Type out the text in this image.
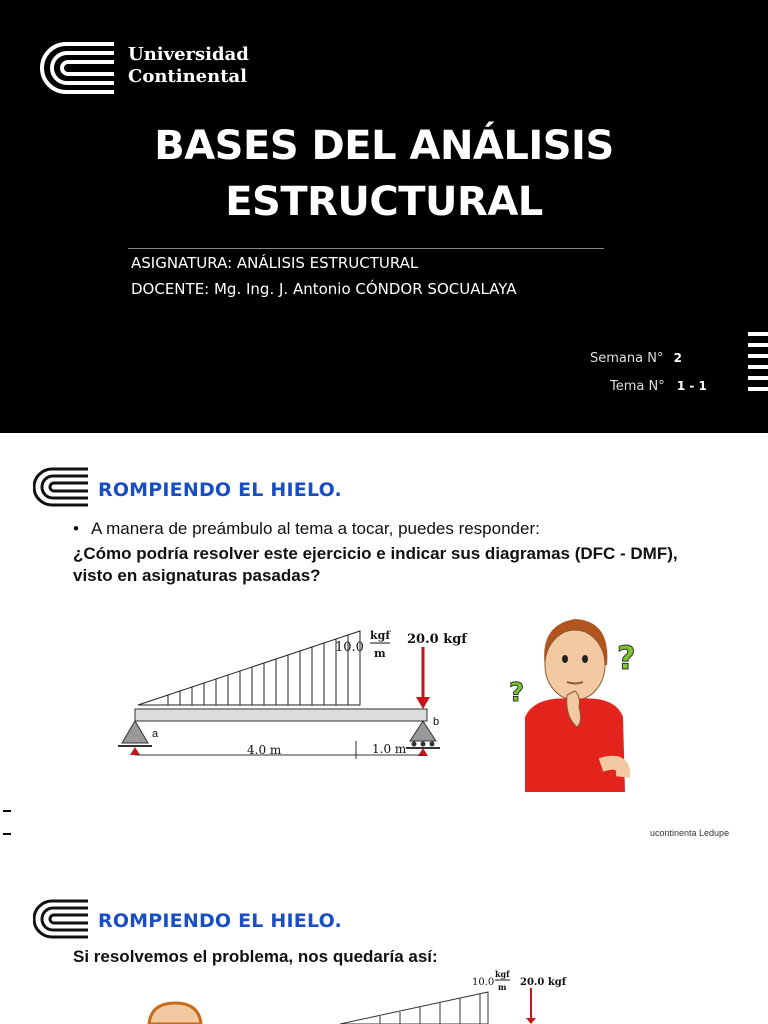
Universidad
Continental
BASES DEL ANÁLISIS
ESTRUCTURAL
ASIGNATURA: ANÁLISIS ESTRUCTURAL
DOCENTE: Mg. Ing. J. Antonio CÓNDOR SOCUALAYA
Semana N° 2
Tema N° 1 - 1
ROMPIENDO EL HIELO.
• A manera de preámbulo al tema a tocar, puedes responder:
¿Cómo podría resolver este ejercicio e indicar sus diagramas (DFC - DMF), visto en asignaturas pasadas?
10.0
kgf
m
20.0 kgf
a
b
4.0 m	1.0 m
?
?
ucontinenta Ledupe
ROMPIENDO EL HIELO.
Si resolvemos el problema, nos quedaría así:
10.0
kgf
m 20.0 kgf
